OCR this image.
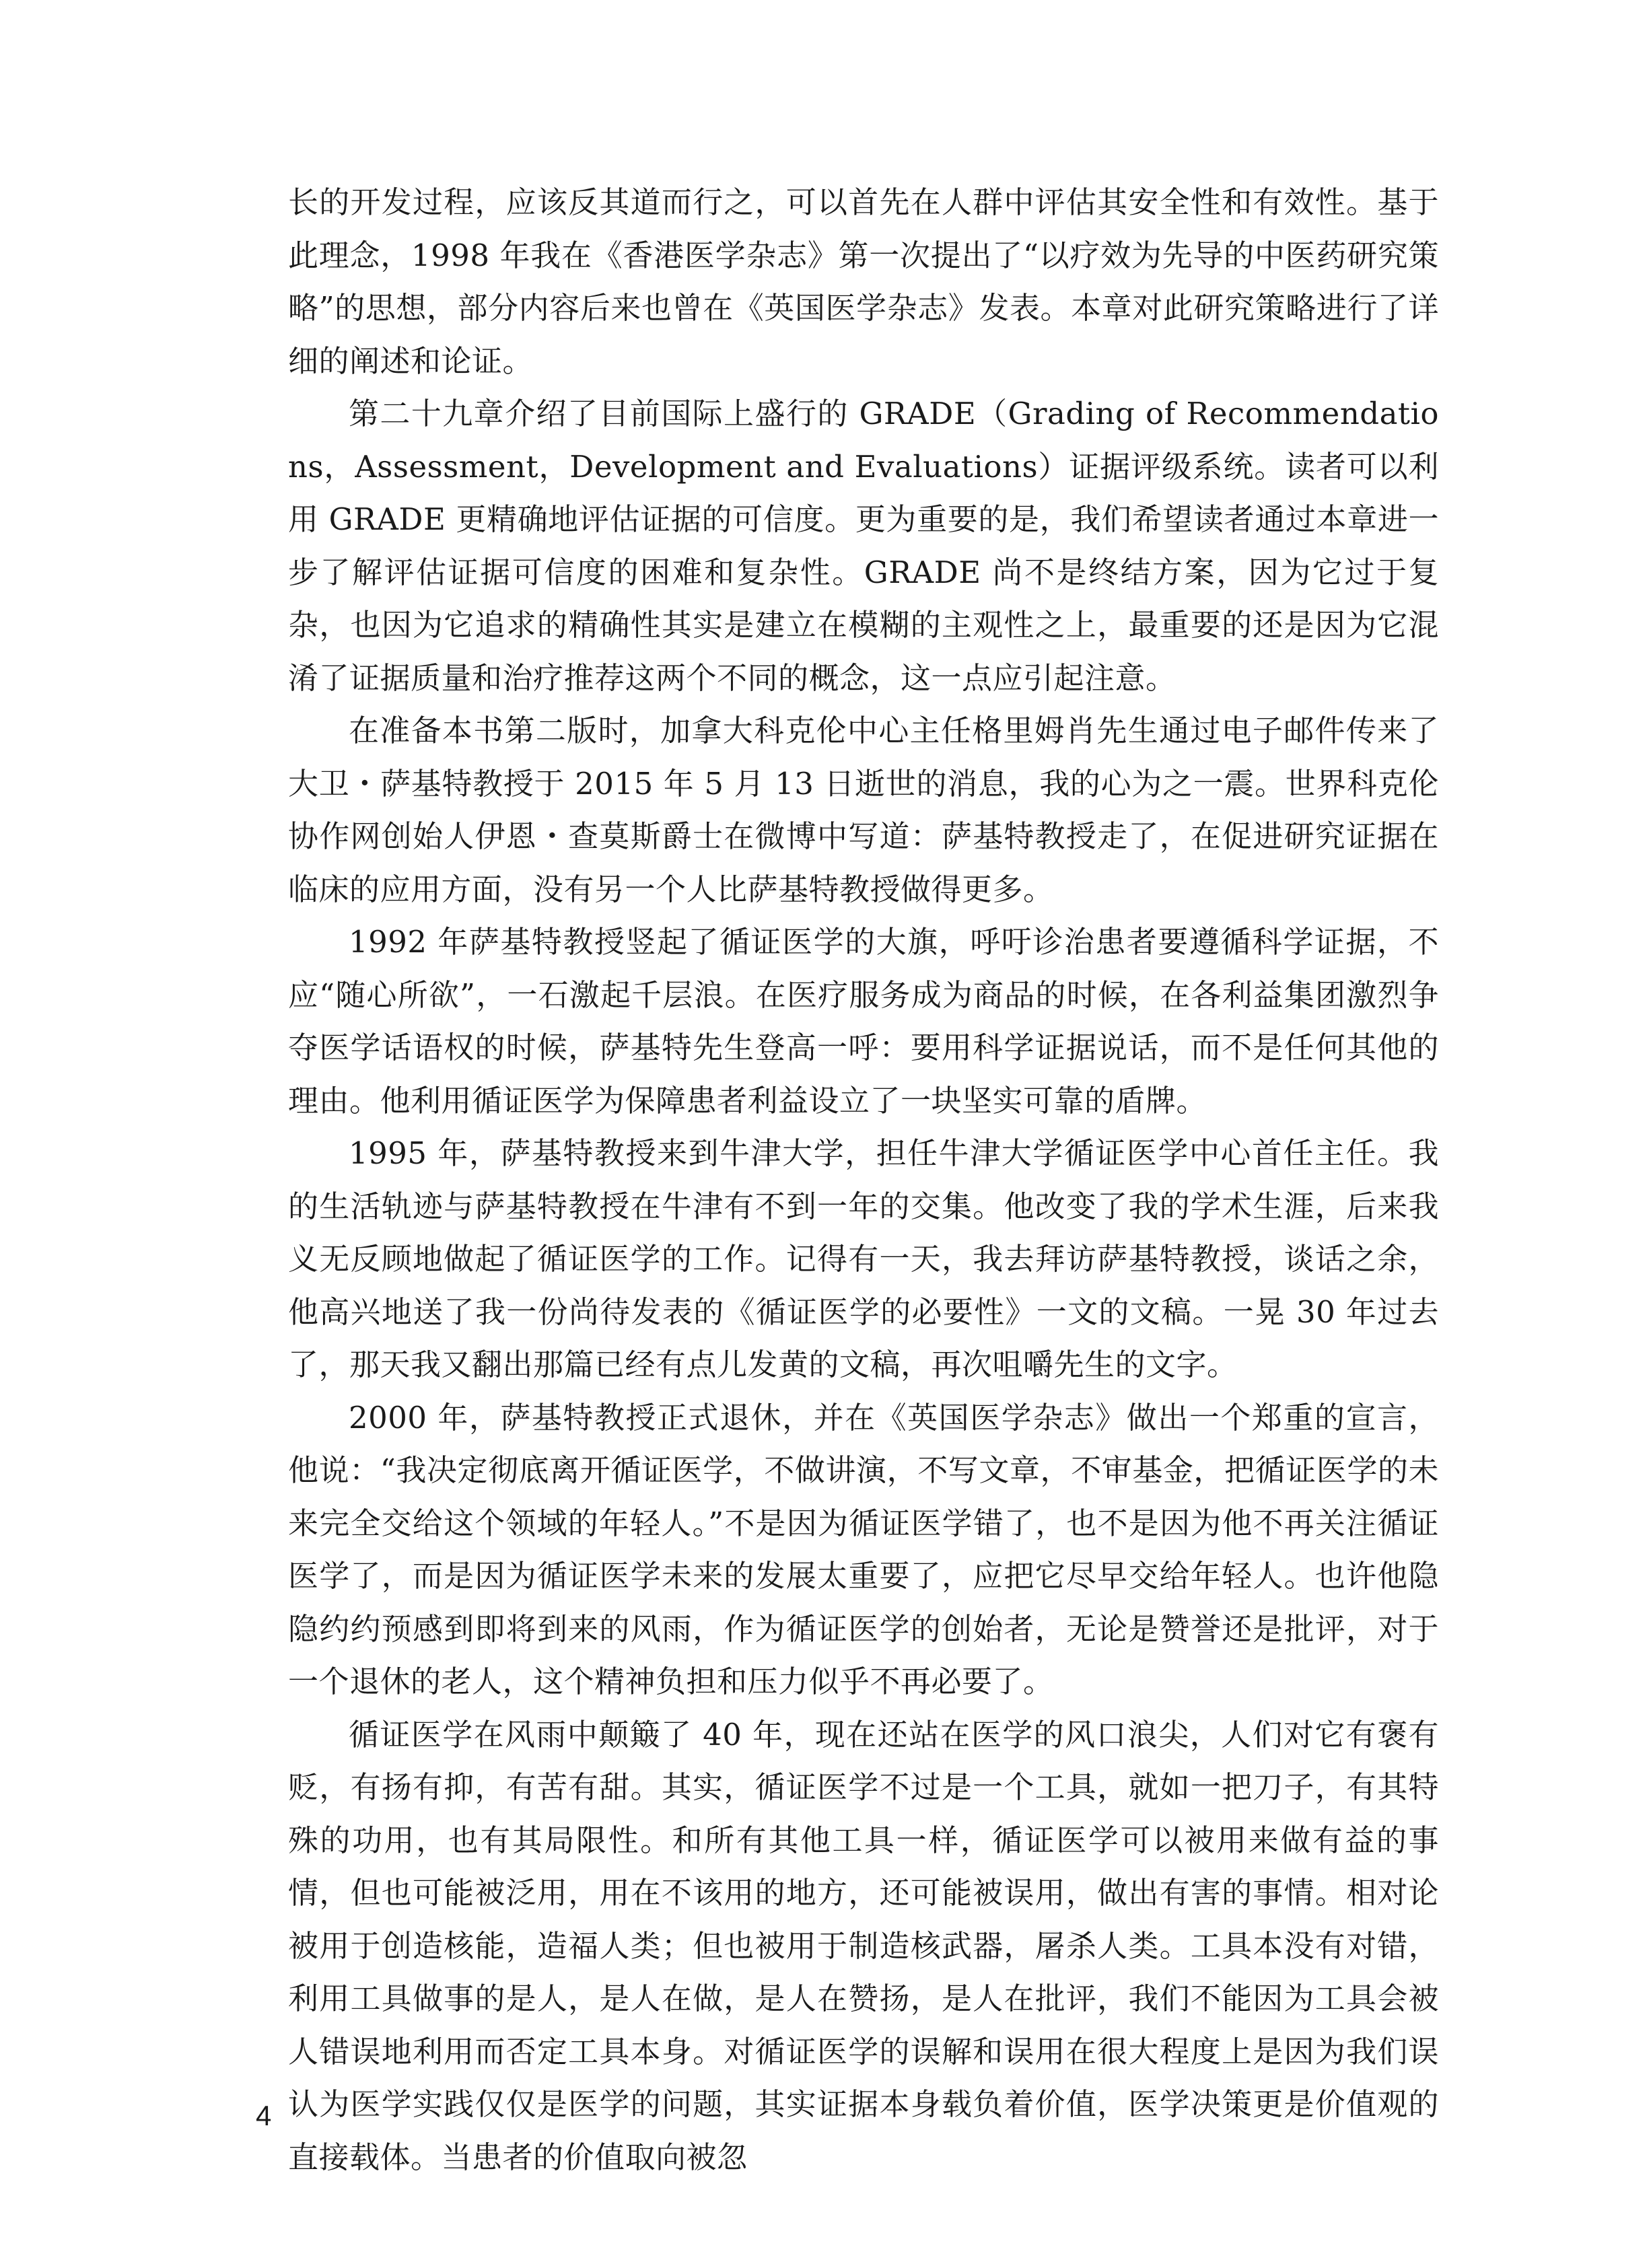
长的开发过程，应该反其道而行之，可以首先在人群中评估其安全性和有效性。基于此理念，1998 年我在《香港医学杂志》第一次提出了“以疗效为先导的中医药研究策略”的思想，部分内容后来也曾在《英国医学杂志》发表。本章对此研究策略进行了详细的阐述和论证。

第二十九章介绍了目前国际上盛行的 GRADE（Grading of Recommendations，Assessment，Development and Evaluations）证据评级系统。读者可以利用 GRADE 更精确地评估证据的可信度。更为重要的是，我们希望读者通过本章进一步了解评估证据可信度的困难和复杂性。GRADE 尚不是终结方案，因为它过于复杂，也因为它追求的精确性其实是建立在模糊的主观性之上，最重要的还是因为它混淆了证据质量和治疗推荐这两个不同的概念，这一点应引起注意。

在准备本书第二版时，加拿大科克伦中心主任格里姆肖先生通过电子邮件传来了大卫・萨基特教授于 2015 年 5 月 13 日逝世的消息，我的心为之一震。世界科克伦协作网创始人伊恩・查莫斯爵士在微博中写道：萨基特教授走了，在促进研究证据在临床的应用方面，没有另一个人比萨基特教授做得更多。

1992 年萨基特教授竖起了循证医学的大旗，呼吁诊治患者要遵循科学证据，不应“随心所欲”，一石激起千层浪。在医疗服务成为商品的时候，在各利益集团激烈争夺医学话语权的时候，萨基特先生登高一呼：要用科学证据说话，而不是任何其他的理由。他利用循证医学为保障患者利益设立了一块坚实可靠的盾牌。

1995 年，萨基特教授来到牛津大学，担任牛津大学循证医学中心首任主任。我的生活轨迹与萨基特教授在牛津有不到一年的交集。他改变了我的学术生涯，后来我义无反顾地做起了循证医学的工作。记得有一天，我去拜访萨基特教授，谈话之余，他高兴地送了我一份尚待发表的《循证医学的必要性》一文的文稿。一晃 30 年过去了，那天我又翻出那篇已经有点儿发黄的文稿，再次咀嚼先生的文字。

2000 年，萨基特教授正式退休，并在《英国医学杂志》做出一个郑重的宣言，他说：“我决定彻底离开循证医学，不做讲演，不写文章，不审基金，把循证医学的未来完全交给这个领域的年轻人。”不是因为循证医学错了，也不是因为他不再关注循证医学了，而是因为循证医学未来的发展太重要了，应把它尽早交给年轻人。也许他隐隐约约预感到即将到来的风雨，作为循证医学的创始者，无论是赞誉还是批评，对于一个退休的老人，这个精神负担和压力似乎不再必要了。

循证医学在风雨中颠簸了 40 年，现在还站在医学的风口浪尖，人们对它有褒有贬，有扬有抑，有苦有甜。其实，循证医学不过是一个工具，就如一把刀子，有其特殊的功用，也有其局限性。和所有其他工具一样，循证医学可以被用来做有益的事情，但也可能被泛用，用在不该用的地方，还可能被误用，做出有害的事情。相对论被用于创造核能，造福人类；但也被用于制造核武器，屠杀人类。工具本没有对错，利用工具做事的是人，是人在做，是人在赞扬，是人在批评，我们不能因为工具会被人错误地利用而否定工具本身。对循证医学的误解和误用在很大程度上是因为我们误认为医学实践仅仅是医学的问题，其实证据本身载负着价值，医学决策更是价值观的直接载体。当患者的价值取向被忽

4
